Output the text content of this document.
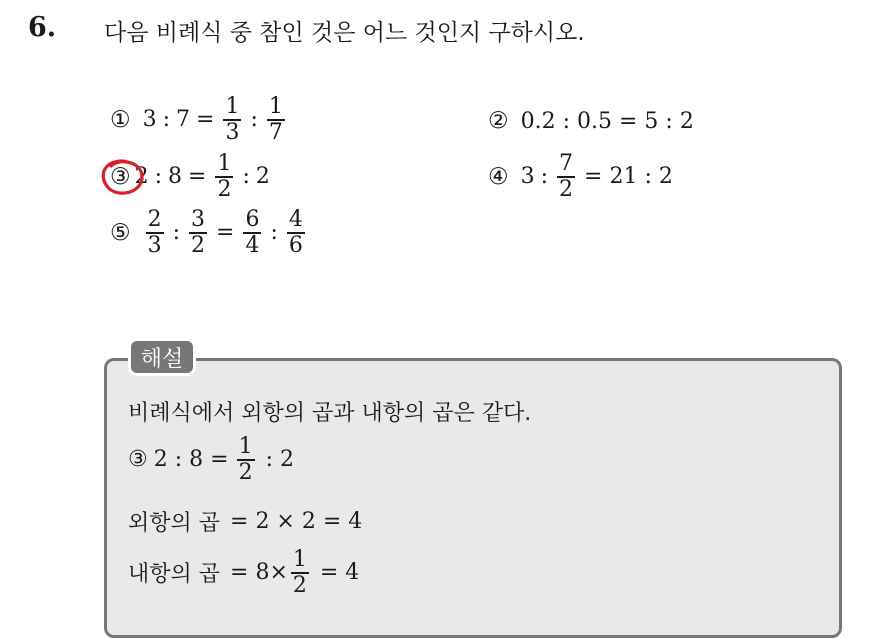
6. 다음 비례식 중 참인 것은 어느 것인지 구하시오.
① 3 : $7 = \frac{1}{3}$ : $\frac{1}{7}$	② 0.2 : 0.5 = 5 : 2
③ 2 : $8 = \frac{1}{2}$ : 2	④ 3 : $\frac{7}{2} = 21$ : 2
⑤ $\frac{2}{3}$ : $\frac{3}{2} = \frac{6}{4}$ : $\frac{4}{6}$
해설
비례식에서 외항의 곱과 내항의 곱은 같다.
③ 2 : $8 = \frac{1}{2}$ : 2
외항의 곱 = 2 × 2 = 4
내항의 곱 = $8\times \frac{1}{2} = 4$
